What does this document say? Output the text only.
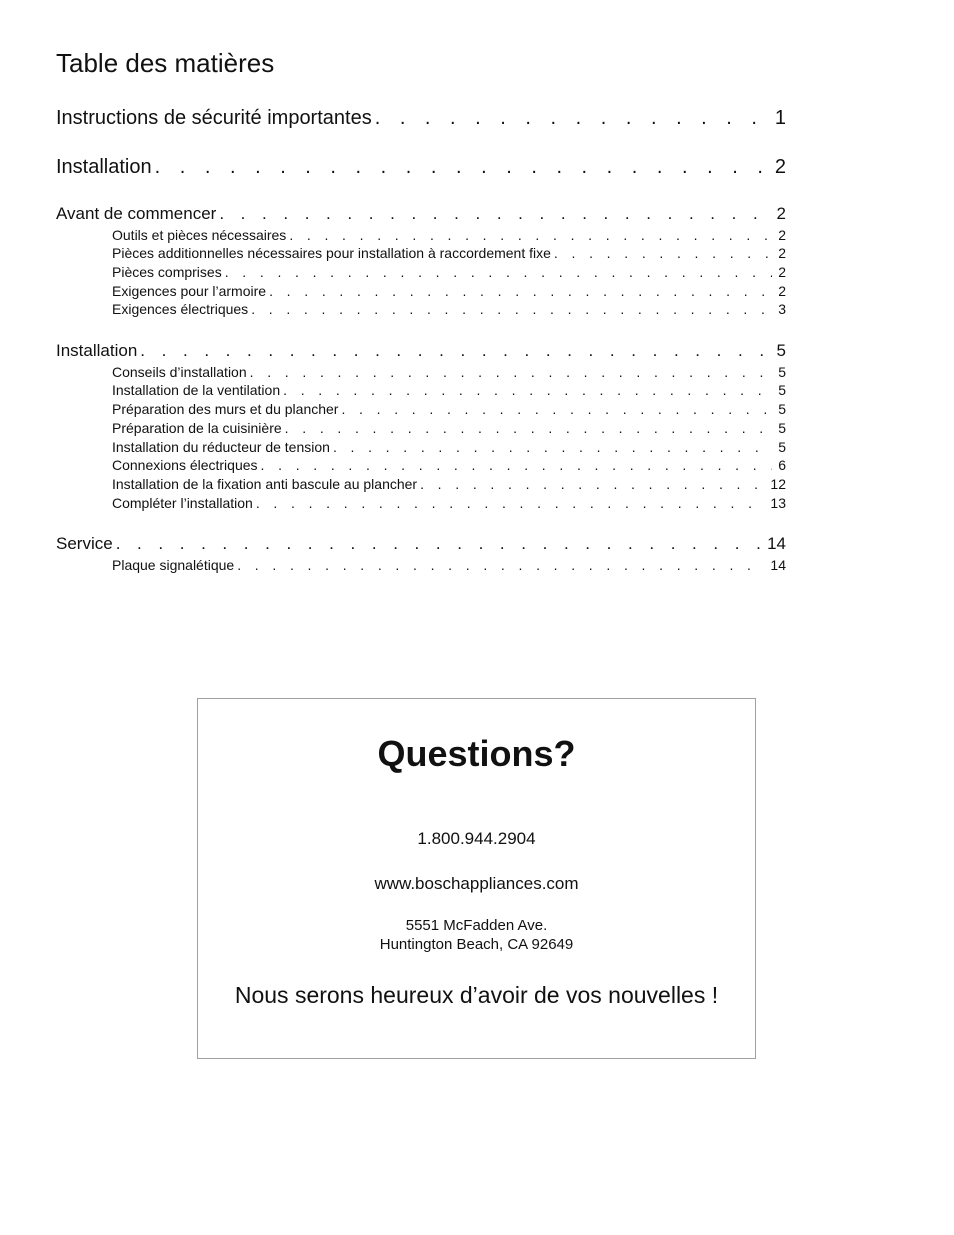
Table des matières
Instructions de sécurité importantes . . .	1
Installation . . .	2
Avant de commencer . . .	2
Outils et pièces nécessaires . . .	2
Pièces additionnelles nécessaires pour installation à raccordement fixe . . .	2
Pièces comprises . . .	2
Exigences pour l’armoire . . .	2
Exigences électriques . . .	3
Installation . . .	5
Conseils d’installation . . .	5
Installation de la ventilation . . .	5
Préparation des murs et du plancher . . .	5
Préparation de la cuisinière . . .	5
Installation du réducteur de tension . . .	5
Connexions électriques . . .	6
Installation de la fixation anti bascule au plancher . . .	12
Compléter l’installation . . .	13
Service . . .	14
Plaque signalétique . . .	14
Questions?
1.800.944.2904
www.boschappliances.com
5551 McFadden Ave.
Huntington Beach, CA 92649
Nous serons heureux d’avoir de vos nouvelles !
